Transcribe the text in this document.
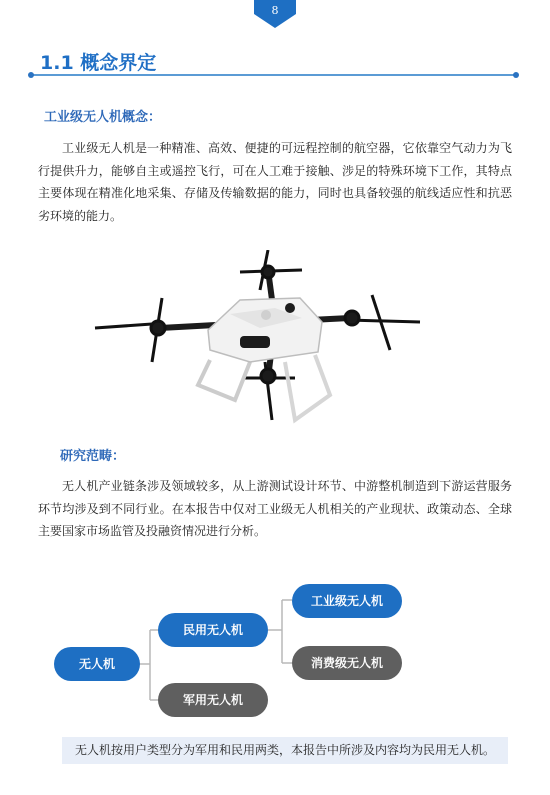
8
1.1 概念界定
工业级无人机概念：
工业级无人机是一种精准、高效、便捷的可远程控制的航空器，它依靠空气动力为飞行提供升力，能够自主或遥控飞行，可在人工难于接触、涉足的特殊环境下工作，其特点主要体现在精准化地采集、存储及传输数据的能力，同时也具备较强的航线适应性和抗恶劣环境的能力。
研究范畴：
无人机产业链条涉及领域较多，从上游测试设计环节、中游整机制造到下游运营服务环节均涉及到不同行业。在本报告中仅对工业级无人机相关的产业现状、政策动态、全球主要国家市场监管及投融资情况进行分析。
无人机
民用无人机
军用无人机
工业级无人机
消费级无人机
无人机按用户类型分为军用和民用两类，本报告中所涉及内容均为民用无人机。
